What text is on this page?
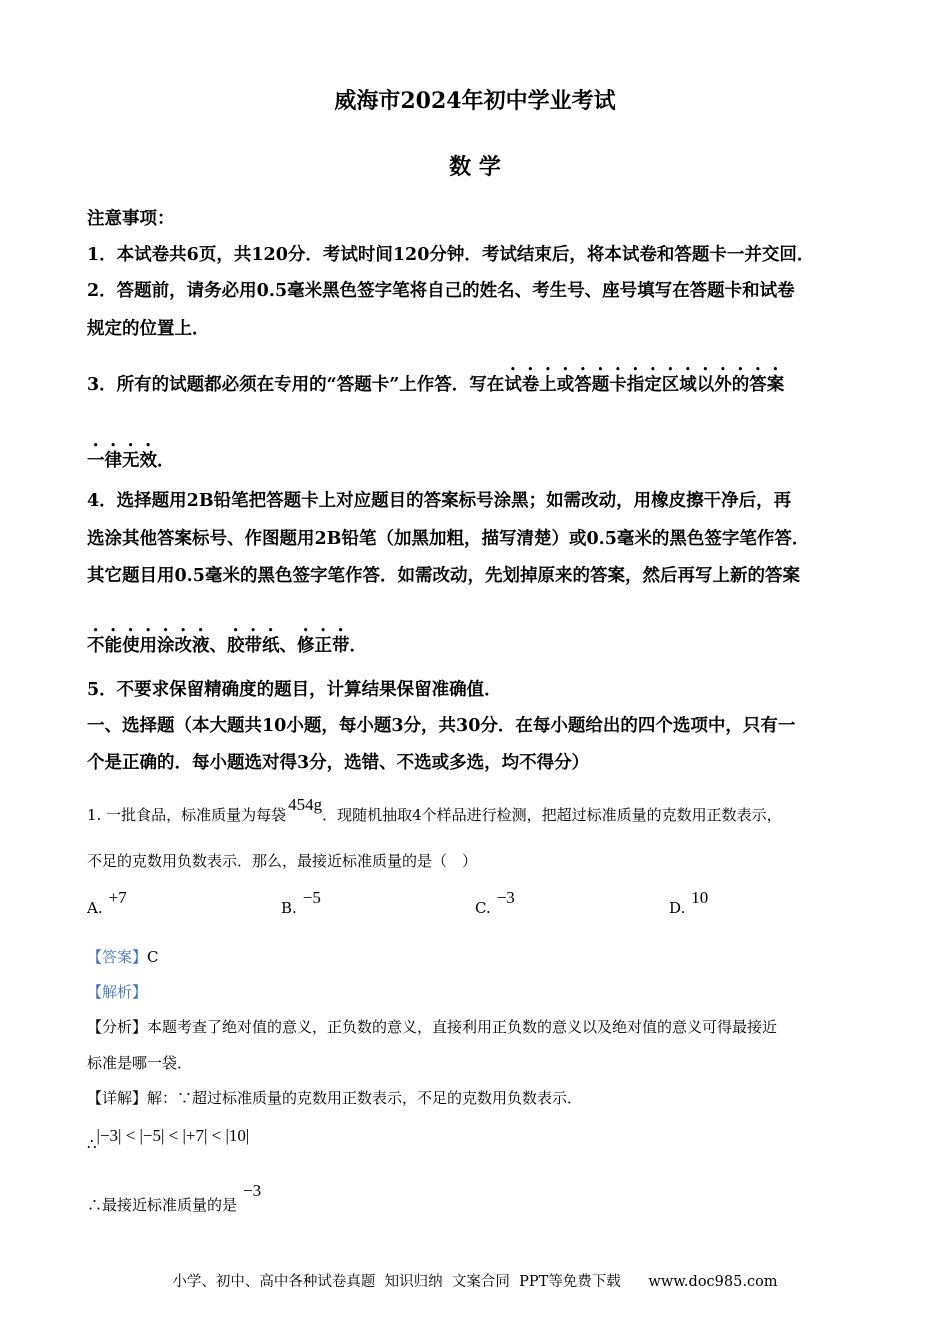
威海市2024年初中学业考试
数 学
注意事项：
1．本试卷共6页，共120分．考试时间120分钟．考试结束后，将本试卷和答题卡一并交回．
2．答题前，请务必用0.5毫米黑色签字笔将自己的姓名、考生号、座号填写在答题卡和试卷
规定的位置上．
3．所有的试题都必须在专用的“答题卡”上作答．写在试卷上或答题卡指定区域以外的答案
一律无效．
4．选择题用2B铅笔把答题卡上对应题目的答案标号涂黑；如需改动，用橡皮擦干净后，再
选涂其他答案标号、作图题用2B铅笔（加黑加粗，描写清楚）或0.5毫米的黑色签字笔作答．
其它题目用0.5毫米的黑色签字笔作答．如需改动，先划掉原来的答案，然后再写上新的答案
不能使用涂改液、胶带纸、修正带．
5．不要求保留精确度的题目，计算结果保留准确值．
一、选择题（本大题共10小题，每小题3分，共30分．在每小题给出的四个选项中，只有一
个是正确的．每小题选对得3分，选错、不选或多选，均不得分）
1. 一批食品，标准质量为每袋454g．现随机抽取4个样品进行检测，把超过标准质量的克数用正数表示，
不足的克数用负数表示．那么，最接近标准质量的是（　）
A.+7
B.−5
C.−3
D.10
【答案】C
【解析】
【分析】本题考查了绝对值的意义，正负数的意义，直接利用正负数的意义以及绝对值的意义可得最接近
标准是哪一袋．
【详解】解：∵超过标准质量的克数用正数表示，不足的克数用负数表示．
∴|−3| < |−5| < |+7| < |10|
∴最接近标准质量的是−3
小学、初中、高中各种试卷真题  知识归纳  文案合同  PPT等免费下载      www.doc985.com
